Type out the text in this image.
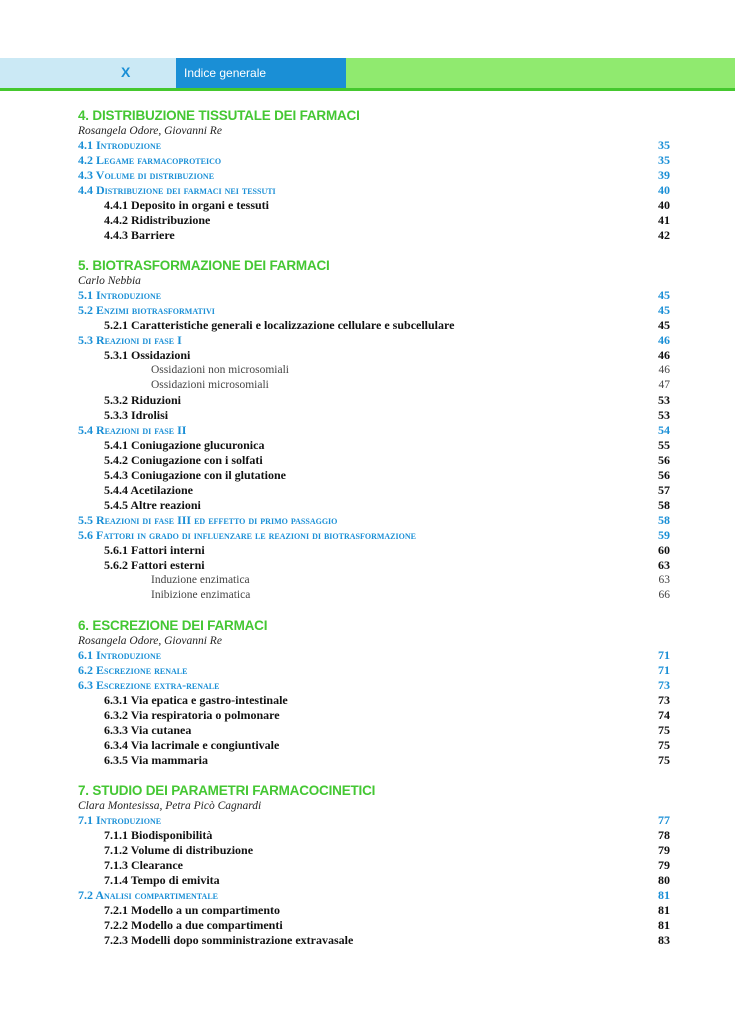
X	Indice generale
4. DISTRIBUZIONE TISSUTALE DEI FARMACI
Rosangela Odore, Giovanni Re
4.1 Introduzione	35
4.2 Legame farmacoproteico	35
4.3 Volume di distribuzione	39
4.4 Distribuzione dei farmaci nei tessuti	40
4.4.1 Deposito in organi e tessuti	40
4.4.2 Ridistribuzione	41
4.4.3 Barriere	42
5. BIOTRASFORMAZIONE DEI FARMACI
Carlo Nebbia
5.1 Introduzione	45
5.2 Enzimi biotrasformativi	45
5.2.1 Caratteristiche generali e localizzazione cellulare e subcellulare	45
5.3 Reazioni di fase I	46
5.3.1 Ossidazioni	46
Ossidazioni non microsomiali	46
Ossidazioni microsomiali	47
5.3.2 Riduzioni	53
5.3.3 Idrolisi	53
5.4 Reazioni di fase II	54
5.4.1 Coniugazione glucuronica	55
5.4.2 Coniugazione con i solfati	56
5.4.3 Coniugazione con il glutatione	56
5.4.4 Acetilazione	57
5.4.5 Altre reazioni	58
5.5 Reazioni di fase III ed effetto di primo passaggio	58
5.6 Fattori in grado di influenzare le reazioni di biotrasformazione	59
5.6.1 Fattori interni	60
5.6.2 Fattori esterni	63
Induzione enzimatica	63
Inibizione enzimatica	66
6. ESCREZIONE DEI FARMACI
Rosangela Odore, Giovanni Re
6.1 Introduzione	71
6.2 Escrezione renale	71
6.3 Escrezione extra-renale	73
6.3.1 Via epatica e gastro-intestinale	73
6.3.2 Via respiratoria o polmonare	74
6.3.3 Via cutanea	75
6.3.4 Via lacrimale e congiuntivale	75
6.3.5 Via mammaria	75
7. STUDIO DEI PARAMETRI FARMACOCINETICI
Clara Montesissa, Petra Picò Cagnardi
7.1 Introduzione	77
7.1.1 Biodisponibilità	78
7.1.2 Volume di distribuzione	79
7.1.3 Clearance	79
7.1.4 Tempo di emivita	80
7.2 Analisi compartimentale	81
7.2.1 Modello a un compartimento	81
7.2.2 Modello a due compartimenti	81
7.2.3 Modelli dopo somministrazione extravasale	83
